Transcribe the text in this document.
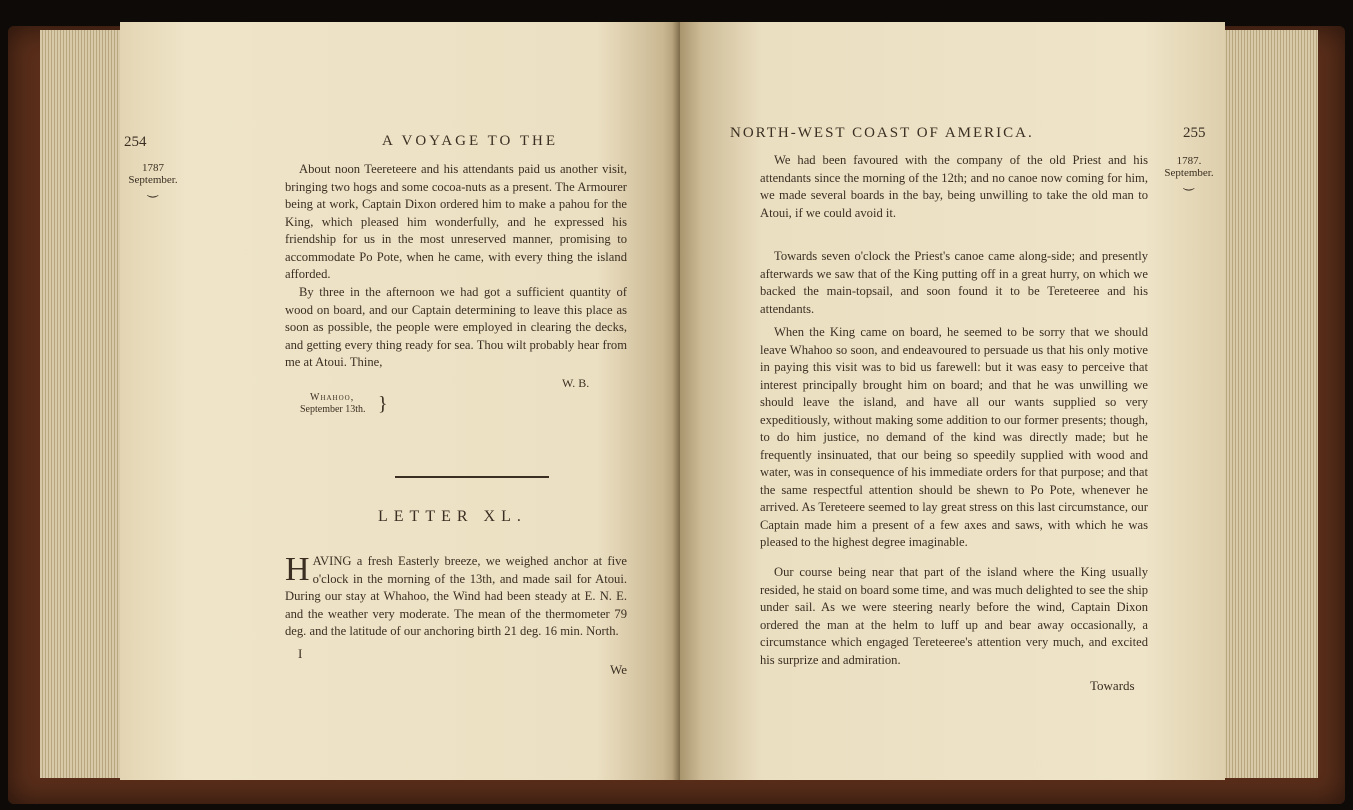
254	A VOYAGE TO THE
1787
September.
⏝

About noon Teereteere and his attendants paid us another visit, bringing two hogs and some cocoa-nuts as a present. The Armourer being at work, Captain Dixon ordered him to make a pahou for the King, which pleased him wonderfully, and he expressed his friendship for us in the most unreserved manner, promising to accommodate Po Pote, when he came, with every thing the island afforded.

By three in the afternoon we had got a sufficient quantity of wood on board, and our Captain determining to leave this place as soon as possible, the people were employed in clearing the decks, and getting every thing ready for sea. Thou wilt probably hear from me at Atoui. Thine,

W. B.
Whahoo,
September 13th. }
LETTER XL.
H AVING a fresh Easterly breeze, we weighed anchor at five o'clock in the morning of the 13th, and made sail for Atoui. During our stay at Whahoo, the Wind had been steady at E. N. E. and the weather very moderate. The mean of the thermometer 79 deg. and the latitude of our anchoring birth 21 deg. 16 min. North.
I
We
NORTH-WEST COAST OF AMERICA.	255
1787.
September.
⏝

We had been favoured with the company of the old Priest and his attendants since the morning of the 12th; and no canoe now coming for him, we made several boards in the bay, being unwilling to take the old man to Atoui, if we could avoid it.

Towards seven o'clock the Priest's canoe came along-side; and presently afterwards we saw that of the King putting off in a great hurry, on which we backed the main-topsail, and soon found it to be Tereteeree and his attendants.

When the King came on board, he seemed to be sorry that we should leave Whahoo so soon, and endeavoured to persuade us that his only motive in paying this visit was to bid us farewell: but it was easy to perceive that interest principally brought him on board; and that he was unwilling we should leave the island, and have all our wants supplied so very expeditiously, without making some addition to our former presents; though, to do him justice, no demand of the kind was directly made; but he frequently insinuated, that our being so speedily supplied with wood and water, was in consequence of his immediate orders for that purpose; and that the same respectful attention should be shewn to Po Pote, whenever he arrived. As Tereteere seemed to lay great stress on this last circumstance, our Captain made him a present of a few axes and saws, with which he was pleased to the highest degree imaginable.

Our course being near that part of the island where the King usually resided, he staid on board some time, and was much delighted to see the ship under sail. As we were steering nearly before the wind, Captain Dixon ordered the man at the helm to luff up and bear away occasionally, a circumstance which engaged Tereteeree's attention very much, and excited his surprize and admiration.

Towards
